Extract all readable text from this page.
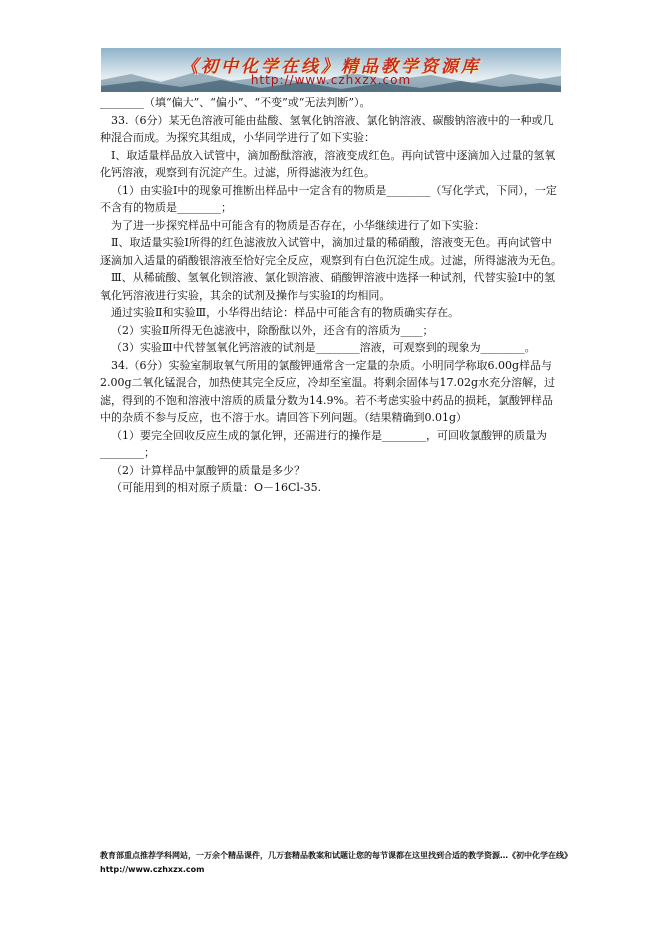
《初中化学在线》精品教学资源库
http://www.czhxzx.com

________（填“偏大”、“偏小”、“不变”或“无法判断”）。

33.（6分）某无色溶液可能由盐酸、氢氧化钠溶液、氯化钠溶液、碳酸钠溶液中的一种或几种混合而成。为探究其组成，小华同学进行了如下实验：

Ⅰ、取适量样品放入试管中，滴加酚酞溶液，溶液变成红色。再向试管中逐滴加入过量的氢氧化钙溶液，观察到有沉淀产生。过滤，所得滤液为红色。

（1）由实验Ⅰ中的现象可推断出样品中一定含有的物质是________（写化学式，下同），一定不含有的物质是________；

为了进一步探究样品中可能含有的物质是否存在，小华继续进行了如下实验：

Ⅱ、取适量实验Ⅰ所得的红色滤液放入试管中，滴加过量的稀硝酸，溶液变无色。再向试管中逐滴加入适量的硝酸银溶液至恰好完全反应，观察到有白色沉淀生成。过滤，所得滤液为无色。

Ⅲ、从稀硫酸、氢氧化钡溶液、氯化钡溶液、硝酸钾溶液中选择一种试剂，代替实验Ⅰ中的氢氧化钙溶液进行实验，其余的试剂及操作与实验Ⅰ的均相同。

通过实验Ⅱ和实验Ⅲ，小华得出结论：样品中可能含有的物质确实存在。

（2）实验Ⅱ所得无色滤液中，除酚酞以外，还含有的溶质为____；

（3）实验Ⅲ中代替氢氧化钙溶液的试剂是________溶液，可观察到的现象为________。

34.（6分）实验室制取氧气所用的氯酸钾通常含一定量的杂质。小明同学称取6.00g样品与2.00g二氧化锰混合，加热使其完全反应，冷却至室温。将剩余固体与17.02g水充分溶解，过滤，得到的不饱和溶液中溶质的质量分数为14.9%。若不考虑实验中药品的损耗，氯酸钾样品中的杂质不参与反应，也不溶于水。请回答下列问题。（结果精确到0.01g）

（1）要完全回收反应生成的氯化钾，还需进行的操作是________，可回收氯酸钾的质量为________；

（2）计算样品中氯酸钾的质量是多少？

（可能用到的相对原子质量：O－16Cl-35.

教育部重点推荐学科网站，一万余个精品课件，几万套精品教案和试题让您的每节课都在这里找到合适的教学资源…《初中化学在线》http://www.czhxzx.com
